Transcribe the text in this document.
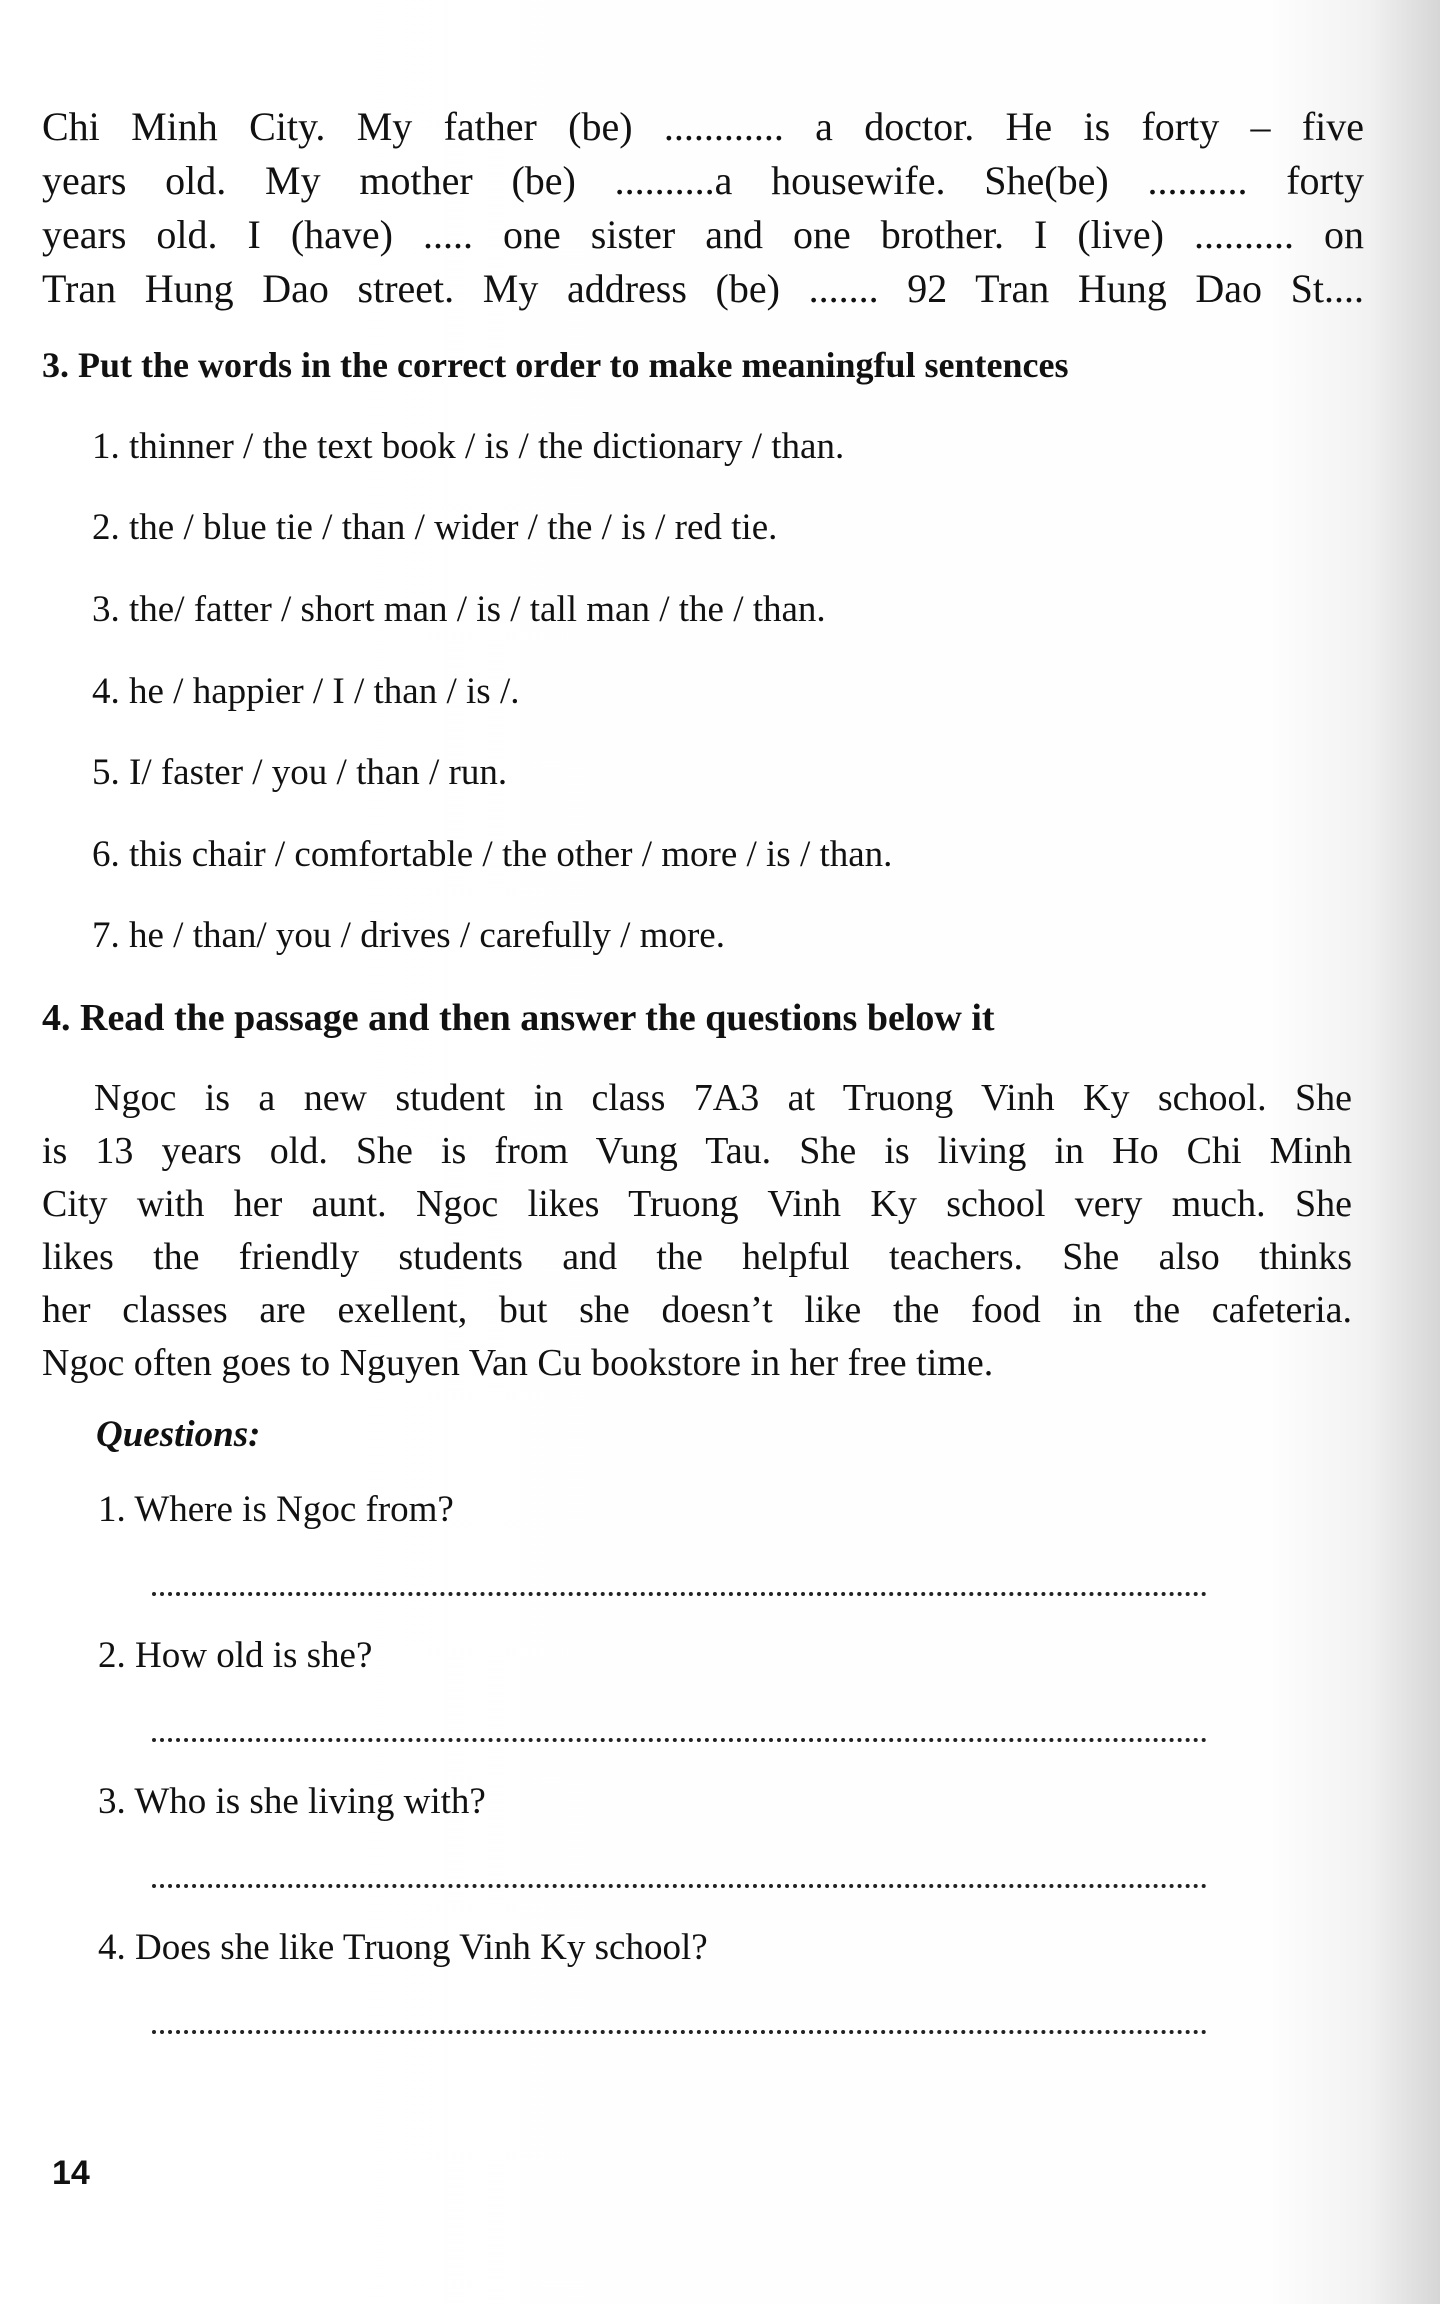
Chi Minh City. My father (be) ............ a doctor. He is forty – five
years old. My mother (be) ..........a housewife. She(be) .......... forty
years old. I (have) ..... one sister and one brother. I (live) .......... on
Tran Hung Dao street. My address (be) ....... 92 Tran Hung Dao St....
3. Put the words in the correct order to make meaningful sentences
1. thinner / the text book / is / the dictionary / than.
2. the / blue tie / than / wider / the / is / red tie.
3. the/ fatter / short man / is / tall man / the / than.
4. he / happier / I / than / is /.
5. I/ faster / you / than / run.
6. this chair / comfortable / the other / more / is / than.
7. he / than/ you / drives / carefully / more.
4. Read the passage and then answer the questions below it
Ngoc is a new student in class 7A3 at Truong Vinh Ky school. She
is 13 years old. She is from Vung Tau. She is living in Ho Chi Minh
City with her aunt. Ngoc likes Truong Vinh Ky school very much. She
likes the friendly students and the helpful teachers. She also thinks
her classes are exellent, but she doesn’t like the food in the cafeteria.
Ngoc often goes to Nguyen Van Cu bookstore in her free time.
Questions:
1. Where is Ngoc from?
2. How old is she?
3. Who is she living with?
4. Does she like Truong Vinh Ky school?
14
